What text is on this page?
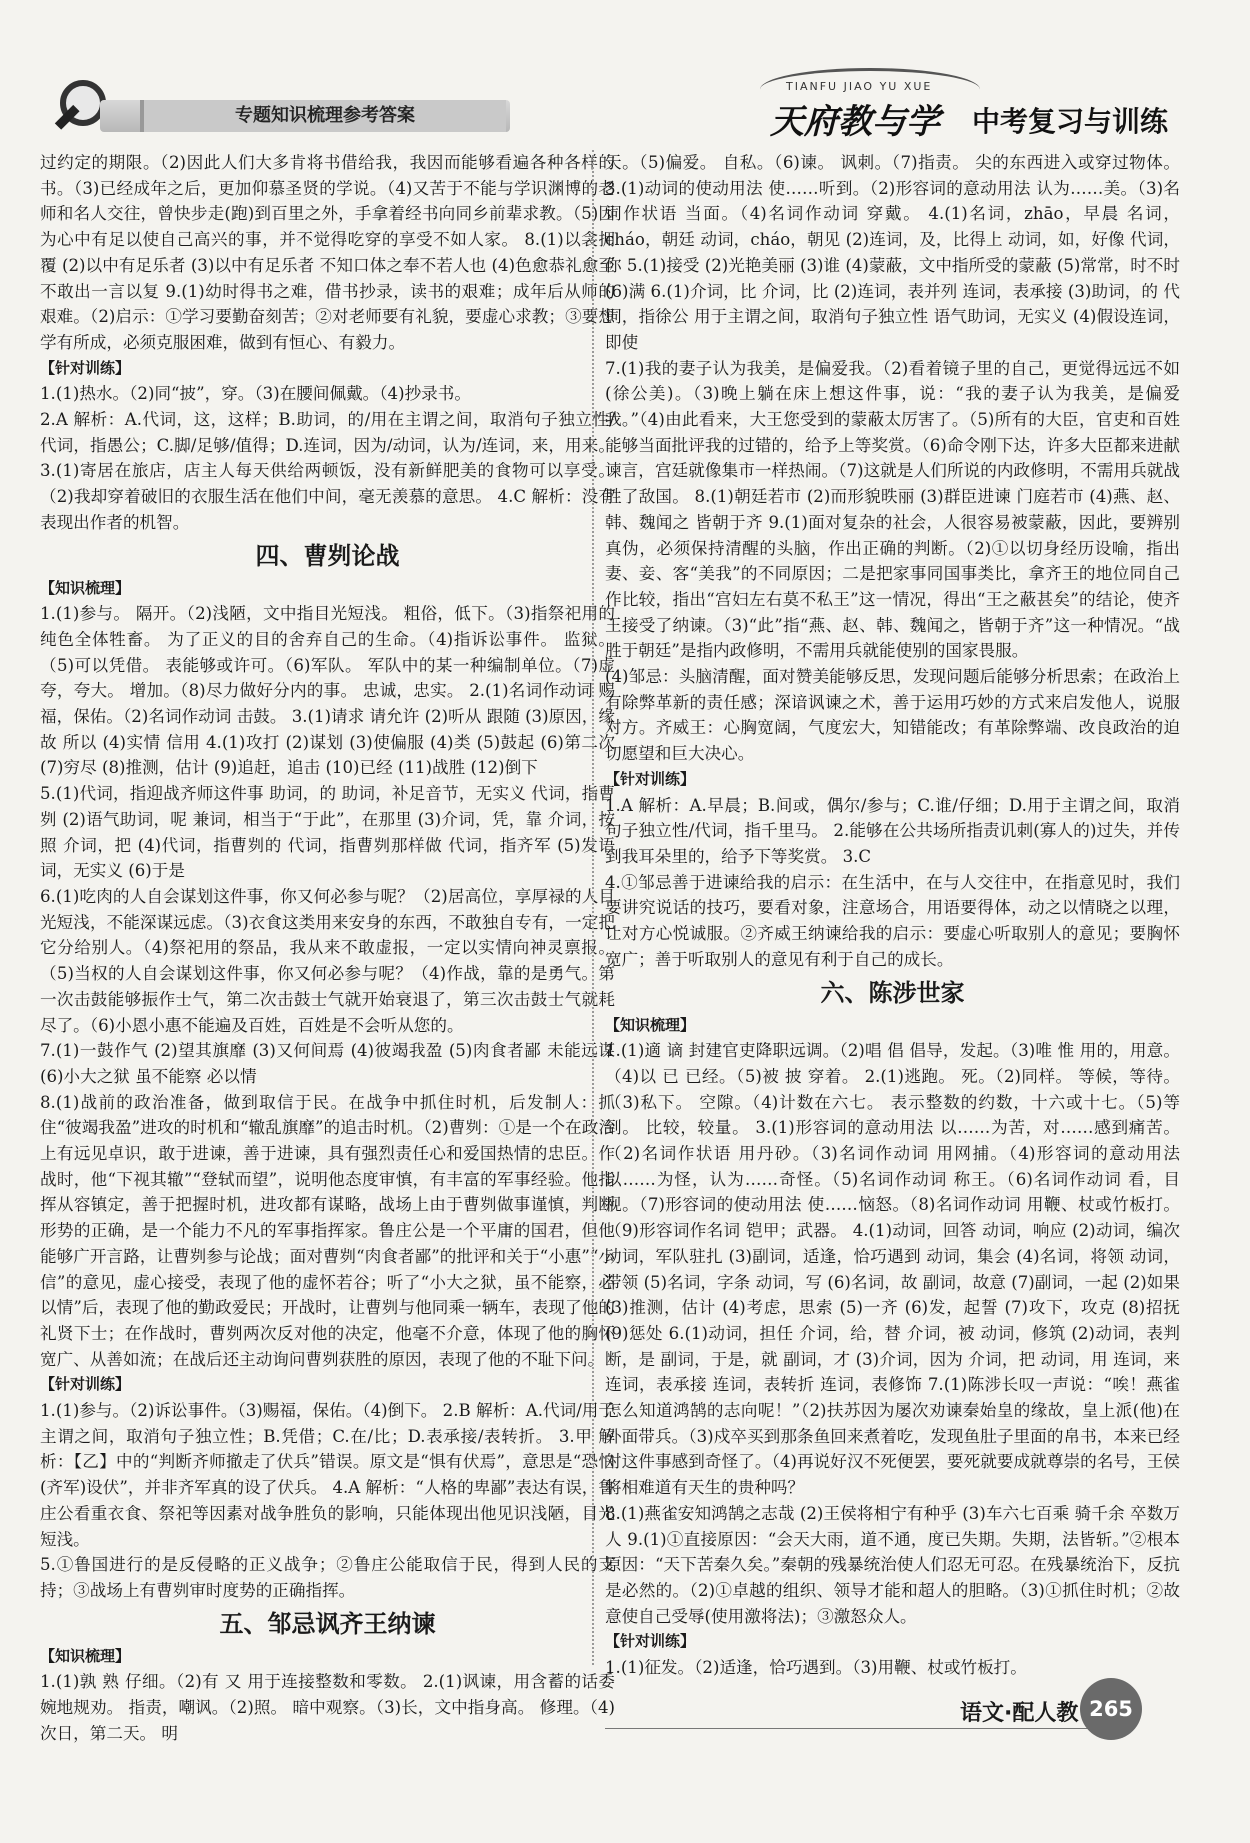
专题知识梳理参考答案
TIANFU JIAO YU XUE
天府教与学 中考复习与训练

过约定的期限。（2)因此人们大多肯将书借给我，我因而能够看遍各种各样的书。（3)已经成年之后，更加仰慕圣贤的学说。（4)又苦于不能与学识渊博的老师和名人交往，曾快步走(跑)到百里之外，手拿着经书向同乡前辈求教。（5)因为心中有足以使自己高兴的事，并不觉得吃穿的享受不如人家。 8.(1)以衾拥覆 (2)以中有足乐者 (3)以中有足乐者 不知口体之奉不若人也 (4)色愈恭礼愈至 不敢出一言以复 9.(1)幼时得书之难，借书抄录，读书的艰难；成年后从师的艰难。（2)启示：①学习要勤奋刻苦；②对老师要有礼貌，要虚心求教；③要想学有所成，必须克服困难，做到有恒心、有毅力。

【针对训练】

1.(1)热水。（2)同“披”，穿。（3)在腰间佩戴。（4)抄录书。

2.A 解析：A.代词，这，这样；B.助词，的/用在主谓之间，取消句子独立性/代词，指愚公；C.脚/足够/值得；D.连词，因为/动词，认为/连词，来，用来。 3.(1)寄居在旅店，店主人每天供给两顿饭，没有新鲜肥美的食物可以享受。（2)我却穿着破旧的衣服生活在他们中间，毫无羡慕的意思。 4.C 解析：没有表现出作者的机智。

四、曹刿论战
【知识梳理】

1.(1)参与。 隔开。（2)浅陋，文中指目光短浅。 粗俗，低下。（3)指祭祀用的纯色全体牲畜。 为了正义的目的舍弃自己的生命。（4)指诉讼事件。 监狱。（5)可以凭借。 表能够或许可。（6)军队。 军队中的某一种编制单位。（7)虚夸，夸大。 增加。（8)尽力做好分内的事。 忠诚，忠实。 2.(1)名词作动词 赐福，保佑。（2)名词作动词 击鼓。 3.(1)请求 请允许 (2)听从 跟随 (3)原因，缘故 所以 (4)实情 信用 4.(1)攻打 (2)谋划 (3)使偏服 (4)类 (5)鼓起 (6)第二次 (7)穷尽 (8)推测，估计 (9)追赶，追击 (10)已经 (11)战胜 (12)倒下

5.(1)代词，指迎战齐师这件事 助词，的 助词，补足音节，无实义 代词，指曹刿 (2)语气助词，呢 兼词，相当于“于此”，在那里 (3)介词，凭，靠 介词，按照 介词，把 (4)代词，指曹刿的 代词，指曹刿那样做 代词，指齐军 (5)发语词，无实义 (6)于是

6.(1)吃肉的人自会谋划这件事，你又何必参与呢？（2)居高位，享厚禄的人目光短浅，不能深谋远虑。（3)衣食这类用来安身的东西，不敢独自专有，一定把它分给别人。（4)祭祀用的祭品，我从来不敢虚报，一定以实情向神灵禀报。（5)当权的人自会谋划这件事，你又何必参与呢？（4)作战，靠的是勇气。第一次击鼓能够振作士气，第二次击鼓士气就开始衰退了，第三次击鼓士气就耗尽了。（6)小恩小惠不能遍及百姓，百姓是不会听从您的。

7.(1)一鼓作气 (2)望其旗靡 (3)又何间焉 (4)彼竭我盈 (5)肉食者鄙 未能远谋 (6)小大之狱 虽不能察 必以情

8.(1)战前的政治准备，做到取信于民。在战争中抓住时机，后发制人：抓住“彼竭我盈”进攻的时机和“辙乱旗靡”的追击时机。（2)曹刿：①是一个在政治上有远见卓识，敢于进谏，善于进谏，具有强烈责任心和爱国热情的忠臣。作战时，他“下视其辙”“登轼而望”，说明他态度审慎，有丰富的军事经验。他指挥从容镇定，善于把握时机，进攻都有谋略，战场上由于曹刿做事谨慎，判断形势的正确，是一个能力不凡的军事指挥家。鲁庄公是一个平庸的国君，但他能够广开言路，让曹刿参与论战；面对曹刿“肉食者鄙”的批评和关于“小惠”“小信”的意见，虚心接受，表现了他的虚怀若谷；听了“小大之狱，虽不能察，必以情”后，表现了他的勤政爱民；开战时，让曹刿与他同乘一辆车，表现了他的礼贤下士；在作战时，曹刿两次反对他的决定，他毫不介意，体现了他的胸怀宽广、从善如流；在战后还主动询问曹刿获胜的原因，表现了他的不耻下问。

【针对训练】

1.(1)参与。（2)诉讼事件。（3)赐福，保佑。（4)倒下。 2.B 解析：A.代词/用于主谓之间，取消句子独立性；B.凭借；C.在/比；D.表承接/表转折。 3.甲 解析：【乙】中的“判断齐师撤走了伏兵”错误。原文是“惧有伏焉”，意思是“恐怕(齐军)设伏”，并非齐军真的设了伏兵。 4.A 解析：“人格的卑鄙”表达有误，鲁庄公看重衣食、祭祀等因素对战争胜负的影响，只能体现出他见识浅陋，目光短浅。

5.①鲁国进行的是反侵略的正义战争；②鲁庄公能取信于民，得到人民的支持；③战场上有曹刿审时度势的正确指挥。

五、邹忌讽齐王纳谏
【知识梳理】

1.(1)孰 熟 仔细。（2)有 又 用于连接整数和零数。 2.(1)讽谏，用含蓄的话委婉地规劝。 指责，嘲讽。（2)照。 暗中观察。（3)长，文中指身高。 修理。（4)次日，第二天。 明

天。（5)偏爱。 自私。（6)谏。 讽刺。（7)指责。 尖的东西进入或穿过物体。 3.(1)动词的使动用法 使……听到。（2)形容词的意动用法 认为……美。（3)名词作状语 当面。（4)名词作动词 穿戴。 4.(1)名词，zhāo，早晨 名词，cháo，朝廷 动词，cháo，朝见 (2)连词，及，比得上 动词，如，好像 代词，你 5.(1)接受 (2)光艳美丽 (3)谁 (4)蒙蔽，文中指所受的蒙蔽 (5)常常，时不时 (6)满 6.(1)介词，比 介词，比 (2)连词，表并列 连词，表承接 (3)助词，的 代词，指徐公 用于主谓之间，取消句子独立性 语气助词，无实义 (4)假设连词，即使

7.(1)我的妻子认为我美，是偏爱我。（2)看着镜子里的自己，更觉得远远不如(徐公美)。（3)晚上躺在床上想这件事，说：“我的妻子认为我美，是偏爱我。”（4)由此看来，大王您受到的蒙蔽太厉害了。（5)所有的大臣，官吏和百姓能够当面批评我的过错的，给予上等奖赏。（6)命令刚下达，许多大臣都来进献谏言，宫廷就像集市一样热闹。（7)这就是人们所说的内政修明，不需用兵就战胜了敌国。 8.(1)朝廷若市 (2)而形貌昳丽 (3)群臣进谏 门庭若市 (4)燕、赵、韩、魏闻之 皆朝于齐 9.(1)面对复杂的社会，人很容易被蒙蔽，因此，要辨别真伪，必须保持清醒的头脑，作出正确的判断。（2)①以切身经历设喻，指出妻、妾、客“美我”的不同原因；二是把家事同国事类比，拿齐王的地位同自己作比较，指出“宫妇左右莫不私王”这一情况，得出“王之蔽甚矣”的结论，使齐王接受了纳谏。（3)“此”指“燕、赵、韩、魏闻之，皆朝于齐”这一种情况。“战胜于朝廷”是指内政修明，不需用兵就能使别的国家畏服。

(4)邹忌：头脑清醒，面对赞美能够反思，发现问题后能够分析思索；在政治上有除弊革新的责任感；深谙讽谏之术，善于运用巧妙的方式来启发他人，说服对方。齐威王：心胸宽阔，气度宏大，知错能改；有革除弊端、改良政治的迫切愿望和巨大决心。

【针对训练】

1.A 解析：A.早晨；B.间或，偶尔/参与；C.谁/仔细；D.用于主谓之间，取消句子独立性/代词，指千里马。 2.能够在公共场所指责讥刺(寡人的)过失，并传到我耳朵里的，给予下等奖赏。 3.C

4.①邹忌善于进谏给我的启示：在生活中，在与人交往中，在指意见时，我们要讲究说话的技巧，要看对象，注意场合，用语要得体，动之以情晓之以理，让对方心悦诚服。②齐威王纳谏给我的启示：要虚心听取别人的意见；要胸怀宽广；善于听取别人的意见有利于自己的成长。

六、陈涉世家
【知识梳理】

1.(1)適 谪 封建官吏降职远调。（2)唱 倡 倡导，发起。（3)唯 惟 用的，用意。（4)以 已 已经。（5)被 披 穿着。 2.(1)逃跑。 死。（2)同样。 等候，等待。（3)私下。 空隙。（4)计数在六七。 表示整数的约数，十六或十七。（5)等到。 比较，较量。 3.(1)形容词的意动用法 以……为苦，对……感到痛苦。（2)名词作状语 用丹砂。（3)名词作动词 用网捕。（4)形容词的意动用法 以……为怪，认为……奇怪。（5)名词作动词 称王。（6)名词作动词 看，目视。（7)形容词的使动用法 使……恼怒。（8)名词作动词 用鞭、杖或竹板打。（9)形容词作名词 铠甲；武器。 4.(1)动词，回答 动词，响应 (2)动词，编次 动词，军队驻扎 (3)副词，适逢，恰巧遇到 动词，集会 (4)名词，将领 动词，带领 (5)名词，字条 动词，写 (6)名词，故 副词，故意 (7)副词，一起 (2)如果 (3)推测，估计 (4)考虑，思索 (5)一齐 (6)发，起誓 (7)攻下，攻克 (8)招抚 (9)惩处 6.(1)动词，担任 介词，给，替 介词，被 动词，修筑 (2)动词，表判断，是 副词，于是，就 副词，才 (3)介词，因为 介词，把 动词，用 连词，来 连词，表承接 连词，表转折 连词，表修饰 7.(1)陈涉长叹一声说：“唉！燕雀怎么知道鸿鹄的志向呢！”（2)扶苏因为屡次劝谏秦始皇的缘故，皇上派(他)在外面带兵。（3)戍卒买到那条鱼回来煮着吃，发现鱼肚子里面的帛书，本来已经对这件事感到奇怪了。（4)再说好汉不死便罢，要死就要成就尊崇的名号，王侯将相难道有天生的贵种吗？

8.(1)燕雀安知鸿鹄之志哉 (2)王侯将相宁有种乎 (3)车六七百乘 骑千余 卒数万人 9.(1)①直接原因：“会天大雨，道不通，度已失期。失期，法皆斩。”②根本原因：“天下苦秦久矣。”秦朝的残暴统治使人们忍无可忍。在残暴统治下，反抗是必然的。（2)①卓越的组织、领导才能和超人的胆略。（3)①抓住时机；②故意使自己受辱(使用激将法)；③激怒众人。

【针对训练】

1.(1)征发。（2)适逢，恰巧遇到。（3)用鞭、杖或竹板打。

语文·配人教 265
